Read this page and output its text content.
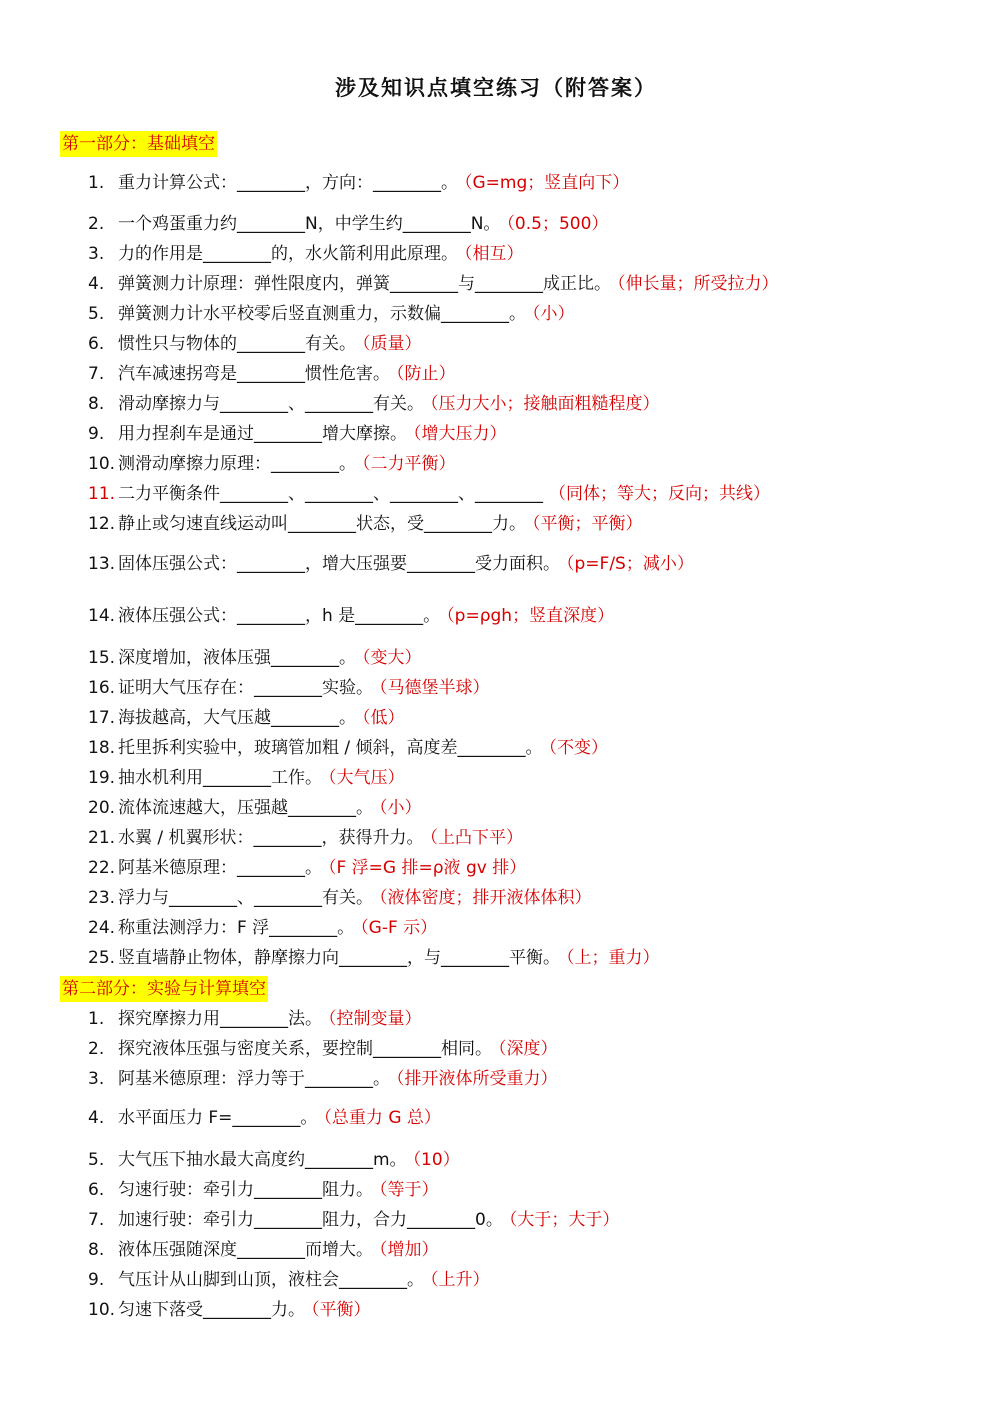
涉及知识点填空练习（附答案）
第一部分：基础填空
1. 重力计算公式：________，方向：________。 （G=mg；竖直向下）
2. 一个鸡蛋重力约________N，中学生约________N。 （0.5；500）
3. 力的作用是________的，水火箭利用此原理。 （相互）
4. 弹簧测力计原理：弹性限度内，弹簧________与________成正比。 （伸长量；所受拉力）
5. 弹簧测力计水平校零后竖直测重力，示数偏________。 （小）
6. 惯性只与物体的________有关。 （质量）
7. 汽车减速拐弯是________惯性危害。 （防止）
8. 滑动摩擦力与________、________有关。 （压力大小；接触面粗糙程度）
9. 用力捏刹车是通过________增大摩擦。 （增大压力）
10. 测滑动摩擦力原理：________。 （二力平衡）
11. 二力平衡条件________、________、________、________ （同体；等大；反向；共线）
12. 静止或匀速直线运动叫________状态，受________力。 （平衡；平衡）
13. 固体压强公式：________，增大压强要________受力面积。 （p=F/S；减小）
14. 液体压强公式：________，h 是________。 （p=ρgh；竖直深度）
15. 深度增加，液体压强________。 （变大）
16. 证明大气压存在：________实验。 （马德堡半球）
17. 海拔越高，大气压越________。 （低）
18. 托里拆利实验中，玻璃管加粗 / 倾斜，高度差________。 （不变）
19. 抽水机利用________工作。 （大气压）
20. 流体流速越大，压强越________。 （小）
21. 水翼 / 机翼形状：________，获得升力。 （上凸下平）
22. 阿基米德原理：________。 （F 浮=G 排=ρ液 gv 排）
23. 浮力与________、________有关。 （液体密度；排开液体体积）
24. 称重法测浮力：F 浮________。 （G-F 示）
25. 竖直墙静止物体，静摩擦力向________，与________平衡。 （上；重力）
第二部分：实验与计算填空
1. 探究摩擦力用________法。 （控制变量）
2. 探究液体压强与密度关系，要控制________相同。 （深度）
3. 阿基米德原理：浮力等于________。 （排开液体所受重力）
4. 水平面压力 F=________。 （总重力 G 总）
5. 大气压下抽水最大高度约________m。 （10）
6. 匀速行驶：牵引力________阻力。 （等于）
7. 加速行驶：牵引力________阻力，合力________0。 （大于；大于）
8. 液体压强随深度________而增大。 （增加）
9. 气压计从山脚到山顶，液柱会________。 （上升）
10. 匀速下落受________力。 （平衡）
